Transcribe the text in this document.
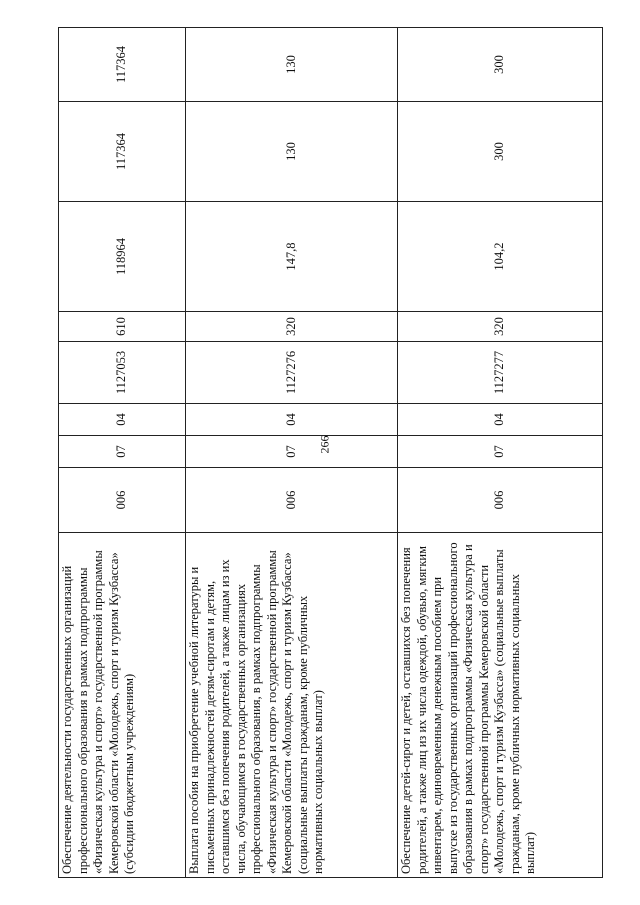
266
Обеспечение деятельности государственных организаций профессионального образования в рамках подпрограммы «Физическая культура и спорт» государственной программы Кемеровской области «Молодежь, спорт и туризм Кузбасса» (субсидии бюджетным учреждениям)	006	07	04	1127053	610	118964	117364	117364
Выплата пособия на приобретение учебной литературы и письменных принадлежностей детям-сиротам и детям, оставшимся без попечения родителей, а также лицам из их числа, обучающимся в государственных организациях профессионального образования, в рамках подпрограммы «Физическая культура и спорт» государственной программы Кемеровской области «Молодежь, спорт и туризм Кузбасса» (социальные выплаты гражданам, кроме публичных нормативных социальных выплат)	006	07	04	1127276	320	147,8	130	130
Обеспечение детей-сирот и детей, оставшихся без попечения родителей, а также лиц из их числа одеждой, обувью, мягким инвентарем, единовременным денежным пособием при выпуске из государственных организаций профессионального образования в рамках подпрограммы «Физическая культура и спорт» государственной программы Кемеровской области «Молодежь, спорт и туризм Кузбасса» (социальные выплаты гражданам, кроме публичных нормативных социальных выплат)	006	07	04	1127277	320	104,2	300	300
